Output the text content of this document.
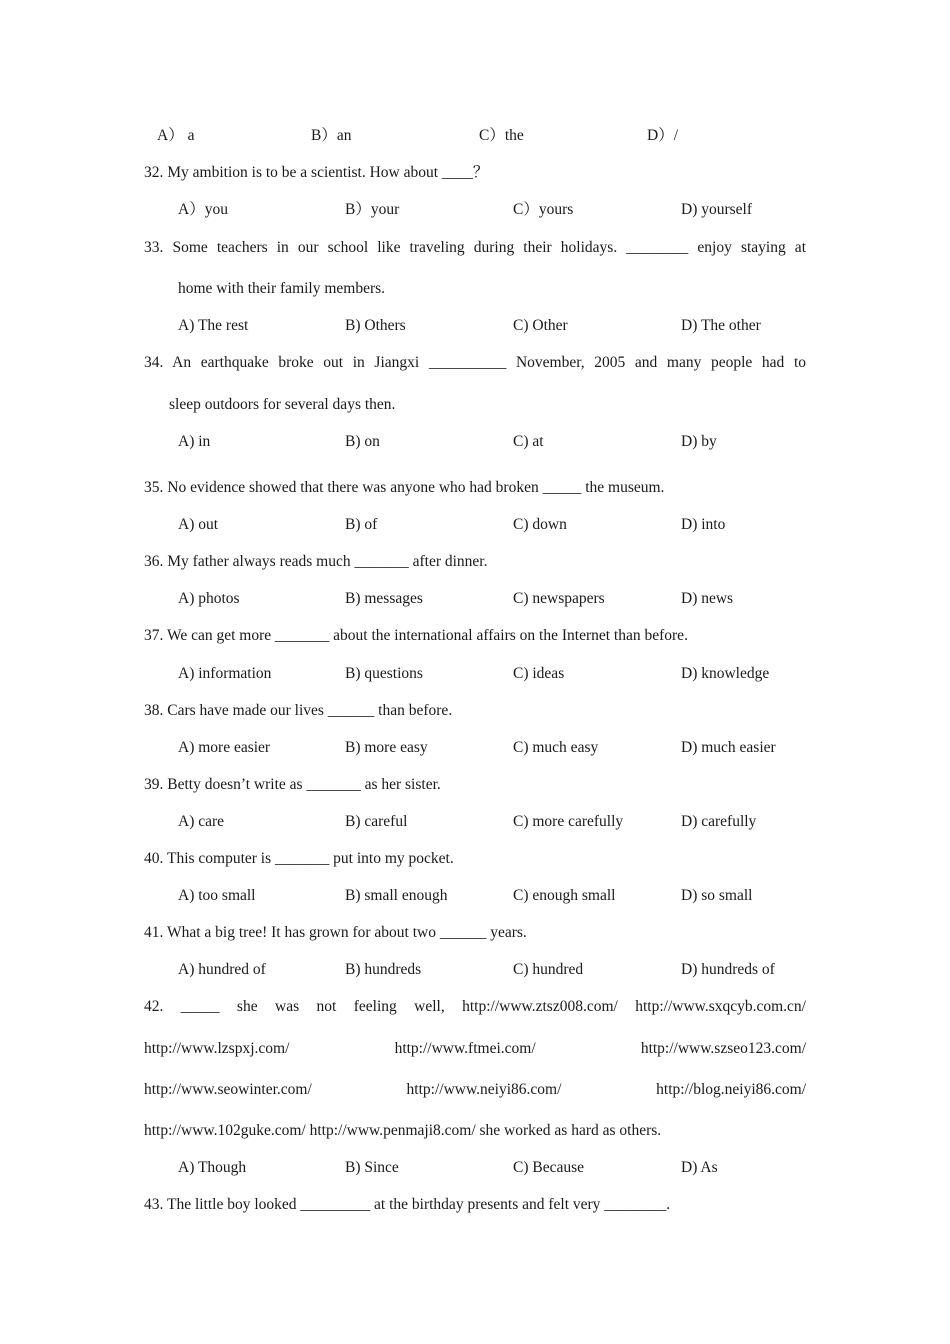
A） a	B）an	C）the	D）/
32. My ambition is to be a scientist. How about ____？
A）you	B）your	C）yours	D) yourself
33. Some teachers in our school like traveling during their holidays. ________ enjoy staying at
home with their family members.
A) The rest	B) Others	C) Other	D) The other
34. An earthquake broke out in Jiangxi __________ November, 2005 and many people had to
sleep outdoors for several days then.
A) in	B) on	C) at	D) by
35. No evidence showed that there was anyone who had broken _____ the museum.
A) out	B) of	C) down	D) into
36. My father always reads much _______ after dinner.
A) photos	B) messages	C) newspapers	D) news
37. We can get more _______ about the international affairs on the Internet than before.
A) information	B) questions	C) ideas	D) knowledge
38. Cars have made our lives ______ than before.
A) more easier	B) more easy	C) much easy	D) much easier
39. Betty doesn’t write as _______ as her sister.
A) care	B) careful	C) more carefully	D) carefully
40. This computer is _______ put into my pocket.
A) too small	B) small enough	C) enough small	D) so small
41. What a big tree! It has grown for about two ______ years.
A) hundred of	B) hundreds	C) hundred	D) hundreds of
42. _____ she was not feeling well, http://www.ztsz008.com/ http://www.sxqcyb.com.cn/
http://www.lzspxj.com/ http://www.ftmei.com/ http://www.szseo123.com/
http://www.seowinter.com/ http://www.neiyi86.com/ http://blog.neiyi86.com/
http://www.102guke.com/ http://www.penmaji8.com/ she worked as hard as others.
A) Though	B) Since	C) Because	D) As
43. The little boy looked _________ at the birthday presents and felt very ________.
